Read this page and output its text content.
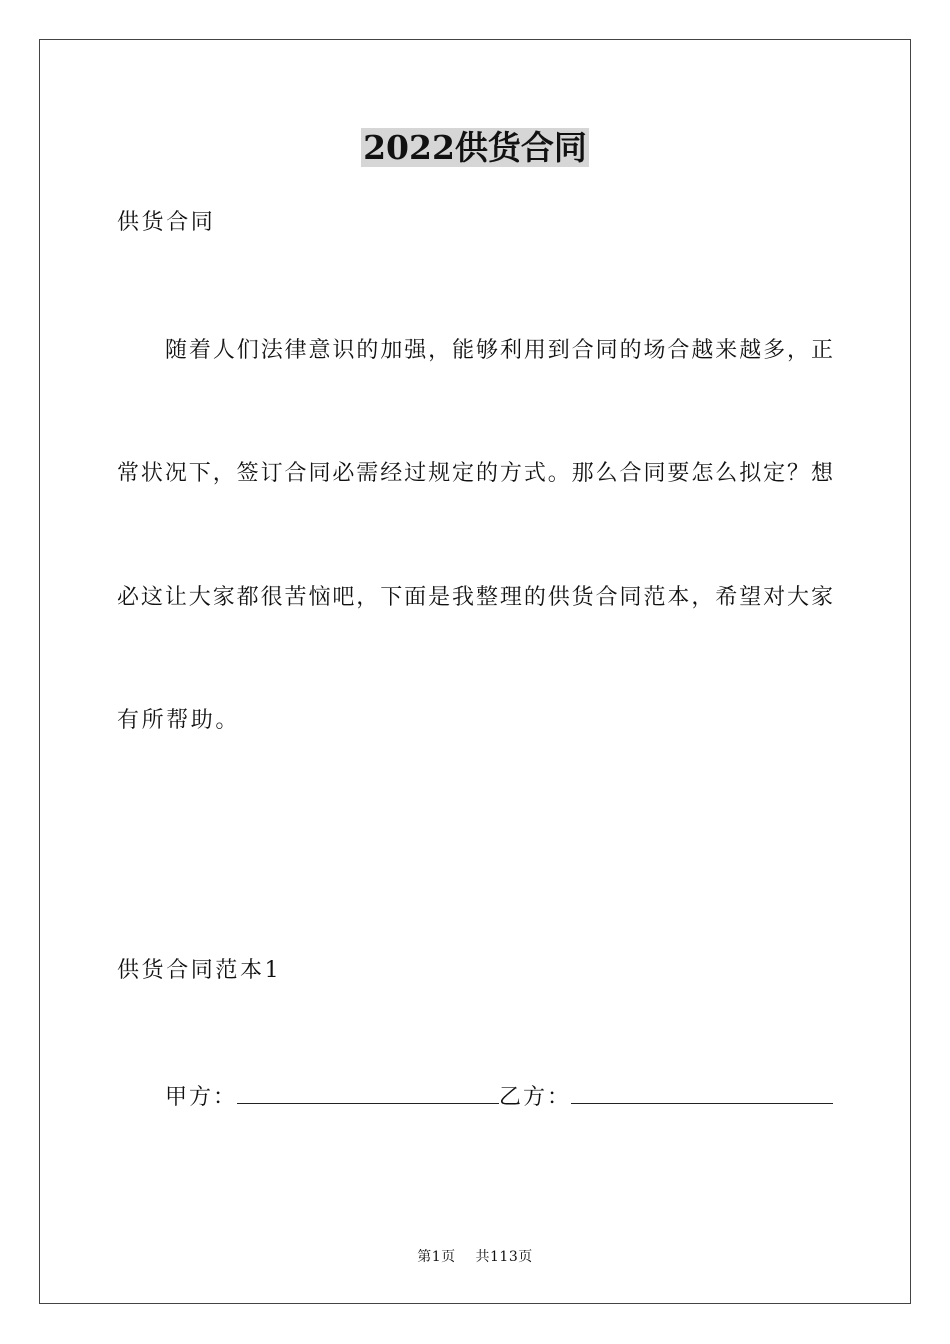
2022供货合同
供货合同
随着人们法律意识的加强，能够利用到合同的场合越来越多，正
常状况下，签订合同必需经过规定的方式。那么合同要怎么拟定？想
必这让大家都很苦恼吧，下面是我整理的供货合同范本，希望对大家
有所帮助。
供货合同范本1
甲方：	乙方：
第1页 共113页
